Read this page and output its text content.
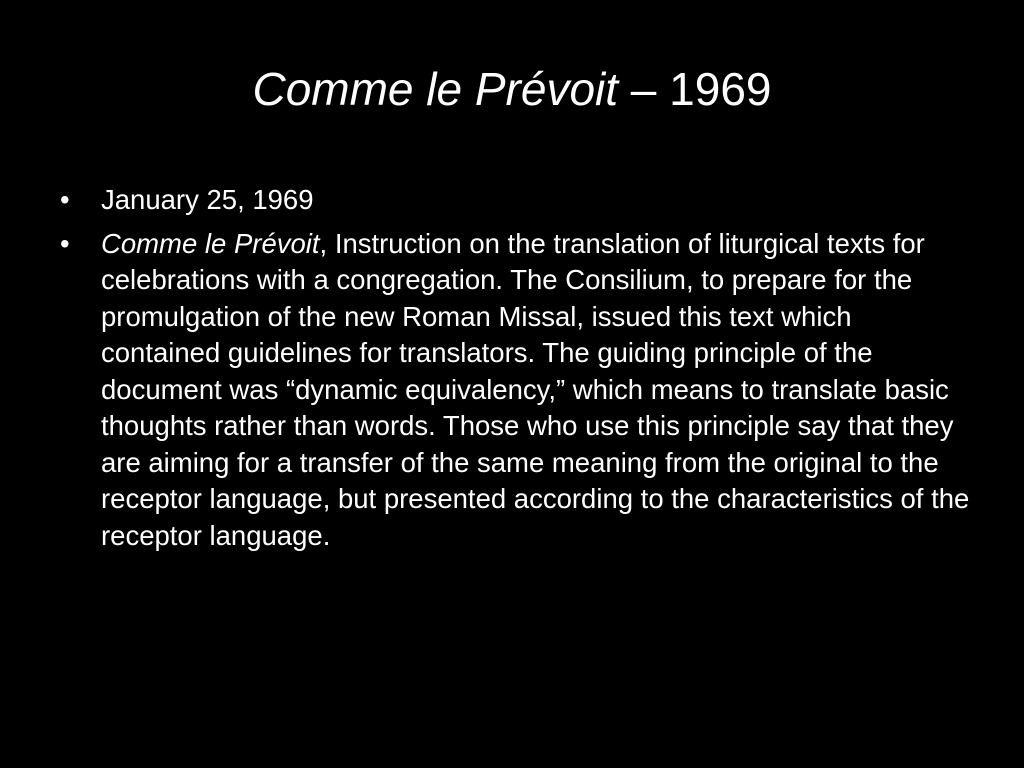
Comme le Prévoit – 1969
• January 25, 1969
• Comme le Prévoit, Instruction on the translation of liturgical texts for celebrations with a congregation. The Consilium, to prepare for the promulgation of the new Roman Missal, issued this text which contained guidelines for translators. The guiding principle of the document was “dynamic equivalency,” which means to translate basic thoughts rather than words. Those who use this principle say that they are aiming for a transfer of the same meaning from the original to the receptor language, but presented according to the characteristics of the receptor language.
